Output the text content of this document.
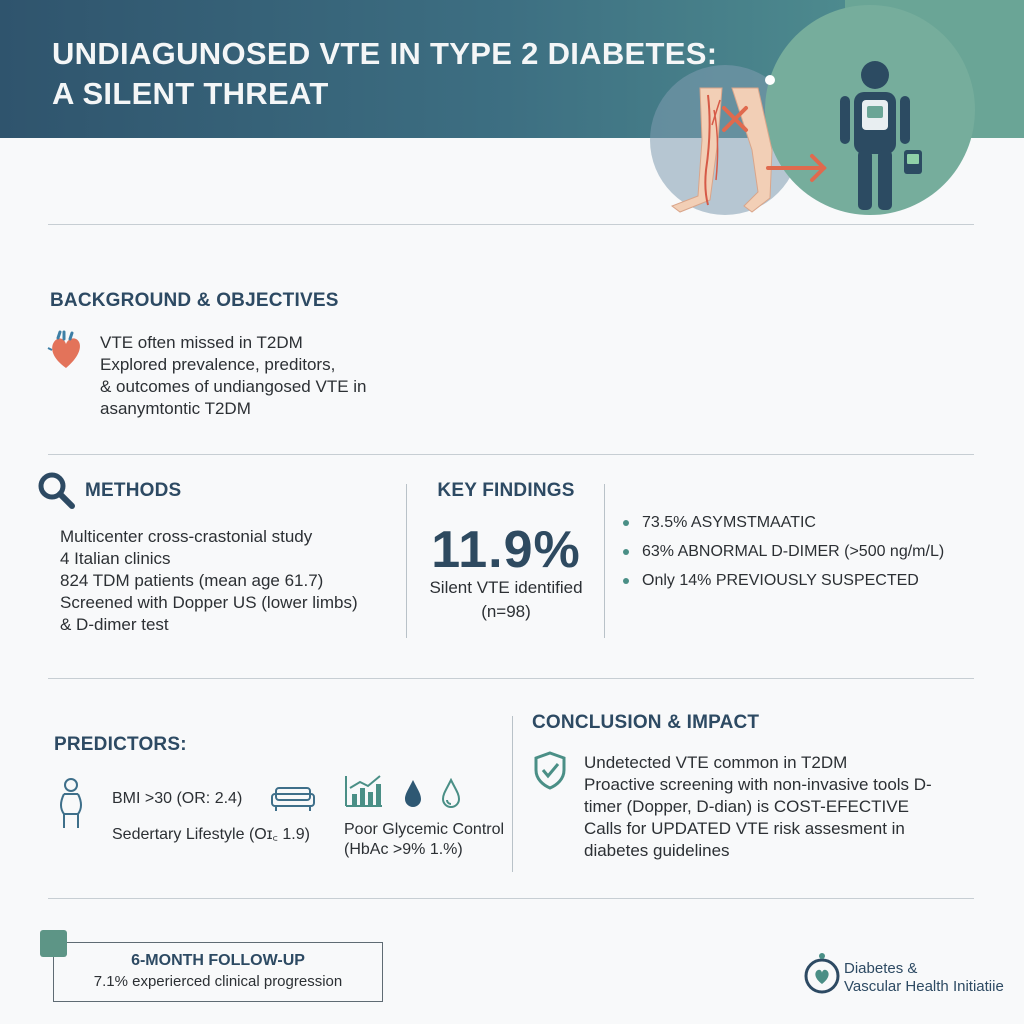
UNDIAGUNOSED VTE IN TYPE 2 DIABETES:
A SILENT THREAT
BACKGROUND & OBJECTIVES
VTE often missed in T2DM
Explored prevalence, preditors,
& outcomes of undiangosed VTE in
asanymtontic T2DM
METHODS
Multicenter cross-crastonial study
4 Italian clinics
824 TDM patients (mean age 61.7)
Screened with Dopper US (lower limbs)
& D-dimer test
KEY FINDINGS
11.9%
Silent VTE identified
(n=98)
73.5% ASYMSTMAATIC
63% ABNORMAL D-DIMER (>500 ng/m/L)
Only 14% PREVIOUSLY SUSPECTED
PREDICTORS:
BMI >30 (OR: 2.4)
Sedertary Lifestyle (Oɪ꜀ 1.9) Poor Glycemic Control
(HbAᴄ >9% 1.%)
CONCLUSION & IMPACT
Undetected VTE common in T2DM
Proactive screening with non-invasive tools D-
timer (Dopper, D-dian) is COST-EFECTIVE
Calls for UPDATED VTE risk assesment in
diabetes guidelines
6-MONTH FOLLOW-UP
7.1% experierced clinical progression
Diabetes &
Vascular Health Initiatiie
